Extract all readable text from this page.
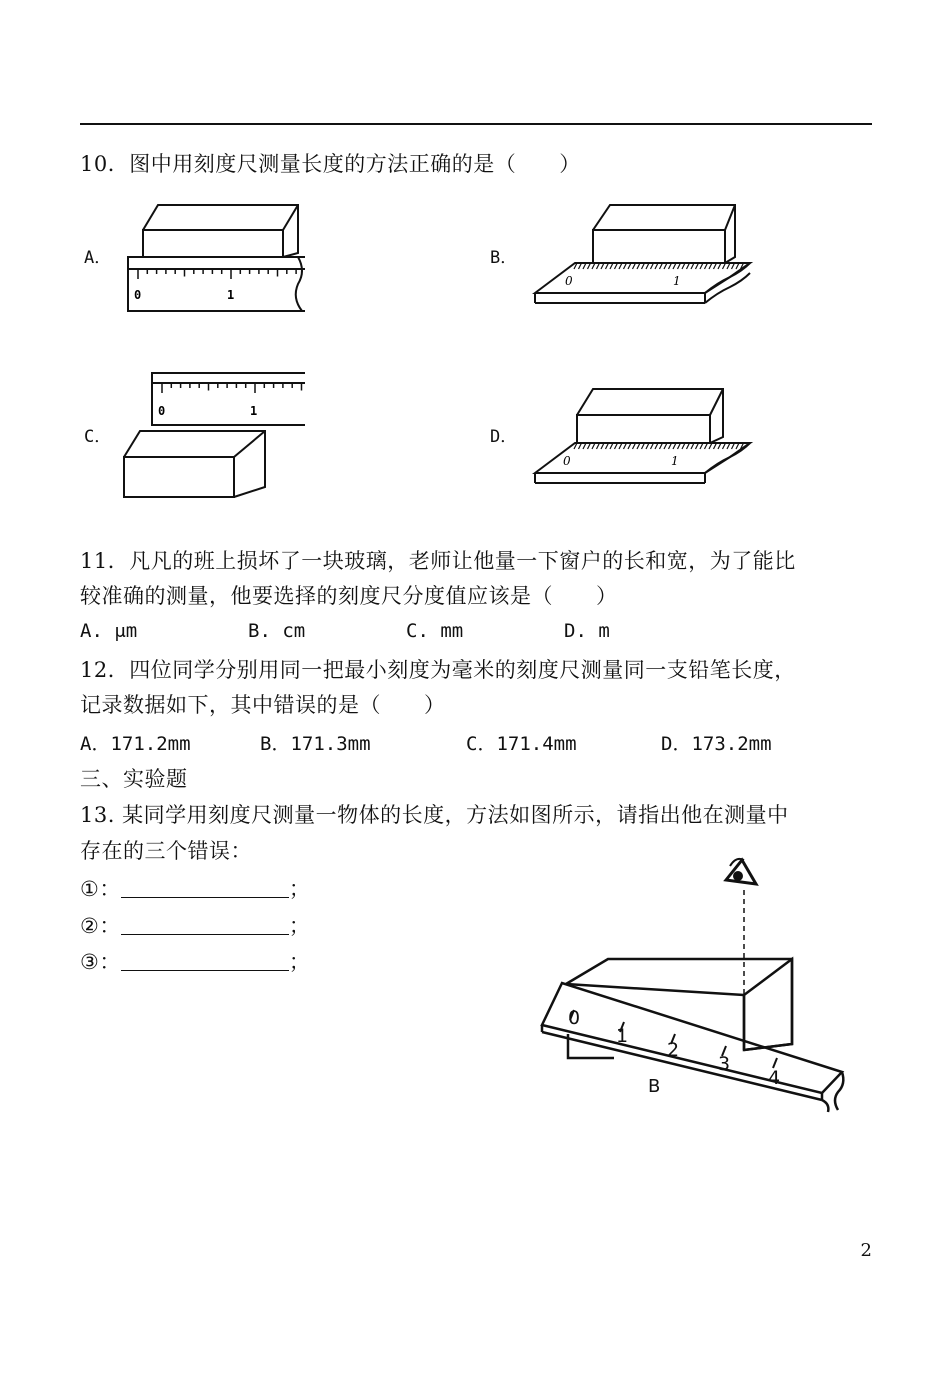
10．图中用刻度尺测量长度的方法正确的是（　　）
A．
0	1
B．
0	1
C．
0	1
D．
0	1
11．凡凡的班上损坏了一块玻璃，老师让他量一下窗户的长和宽，为了能比
较准确的测量，他要选择的刻度尺分度值应该是（　　）
A. μm	B. cm	C. mm	D. m
12．四位同学分别用同一把最小刻度为毫米的刻度尺测量同一支铅笔长度，
记录数据如下，其中错误的是（　　）
A．171.2mm	B．171.3mm	C．171.4mm	D．173.2mm
三、实验题
13. 某同学用刻度尺测量一物体的长度，方法如图所示，请指出他在测量中
存在的三个错误：
①：	；
②：	；
③：	；
0
1
2
3
4
B
2
